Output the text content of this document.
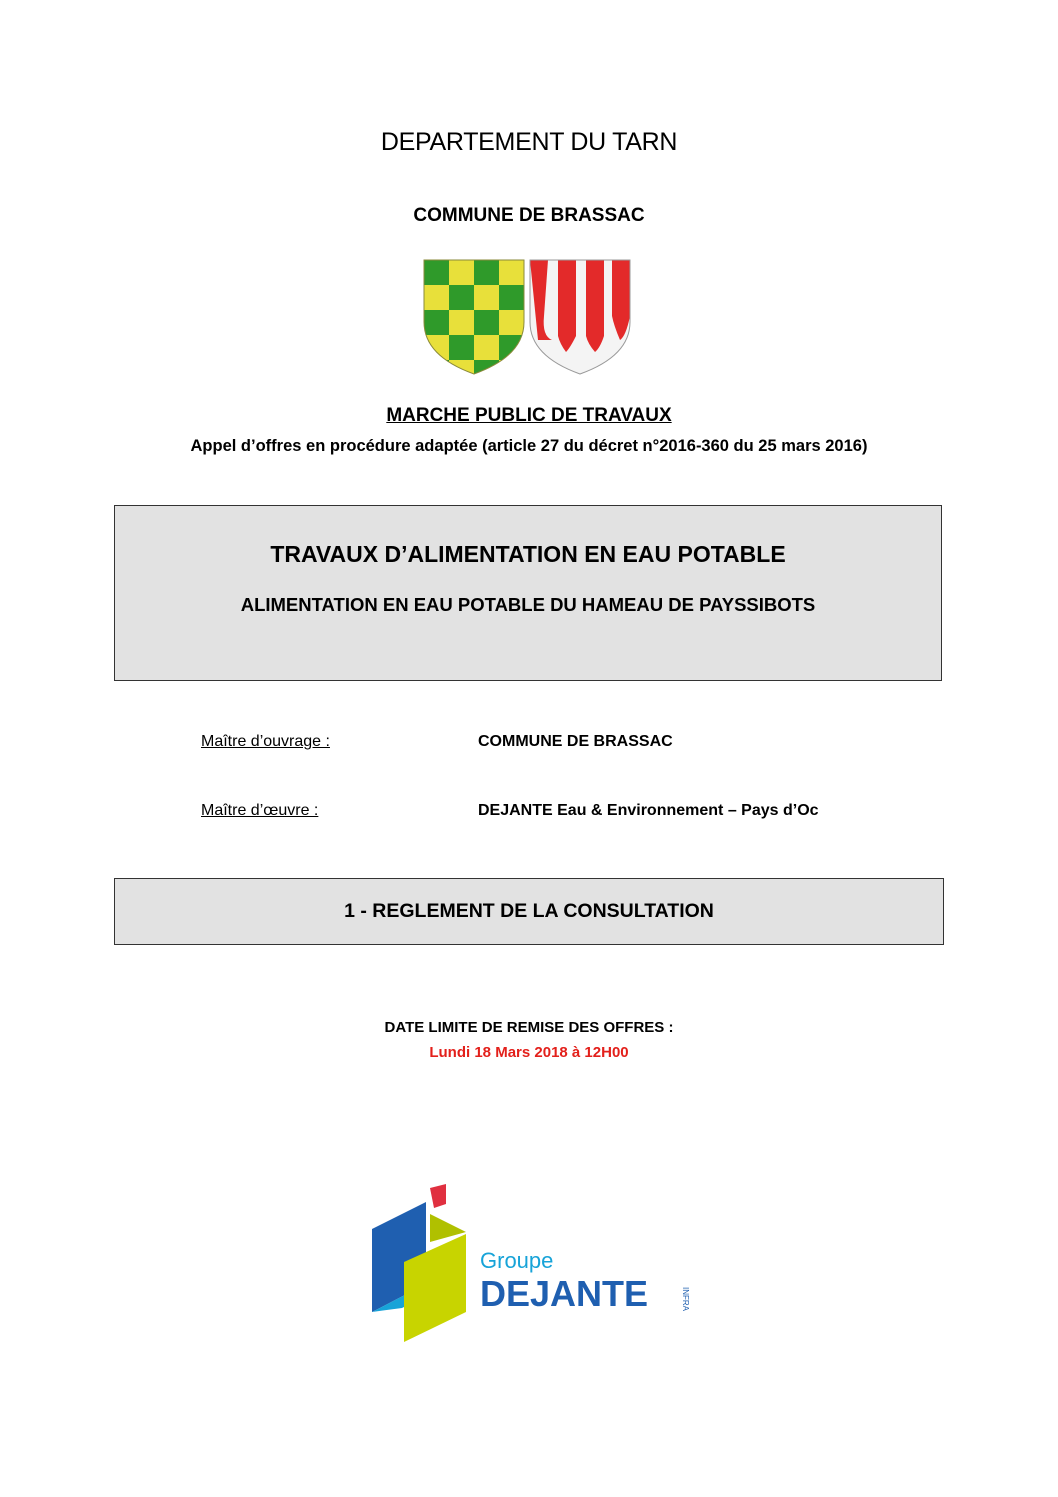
DEPARTEMENT DU TARN
COMMUNE DE BRASSAC
MARCHE PUBLIC DE TRAVAUX
Appel d’offres en procédure adaptée (article 27 du décret n°2016-360 du 25 mars 2016)
TRAVAUX D’ALIMENTATION EN EAU POTABLE
ALIMENTATION EN EAU POTABLE DU HAMEAU DE PAYSSIBOTS
Maître d’ouvrage :	COMMUNE DE BRASSAC
Maître d’œuvre :	DEJANTE Eau & Environnement – Pays d’Oc
1 - REGLEMENT DE LA CONSULTATION
DATE LIMITE DE REMISE DES OFFRES :
Lundi 18 Mars 2018 à 12H00
Groupe
DEJANTE	INFRA
